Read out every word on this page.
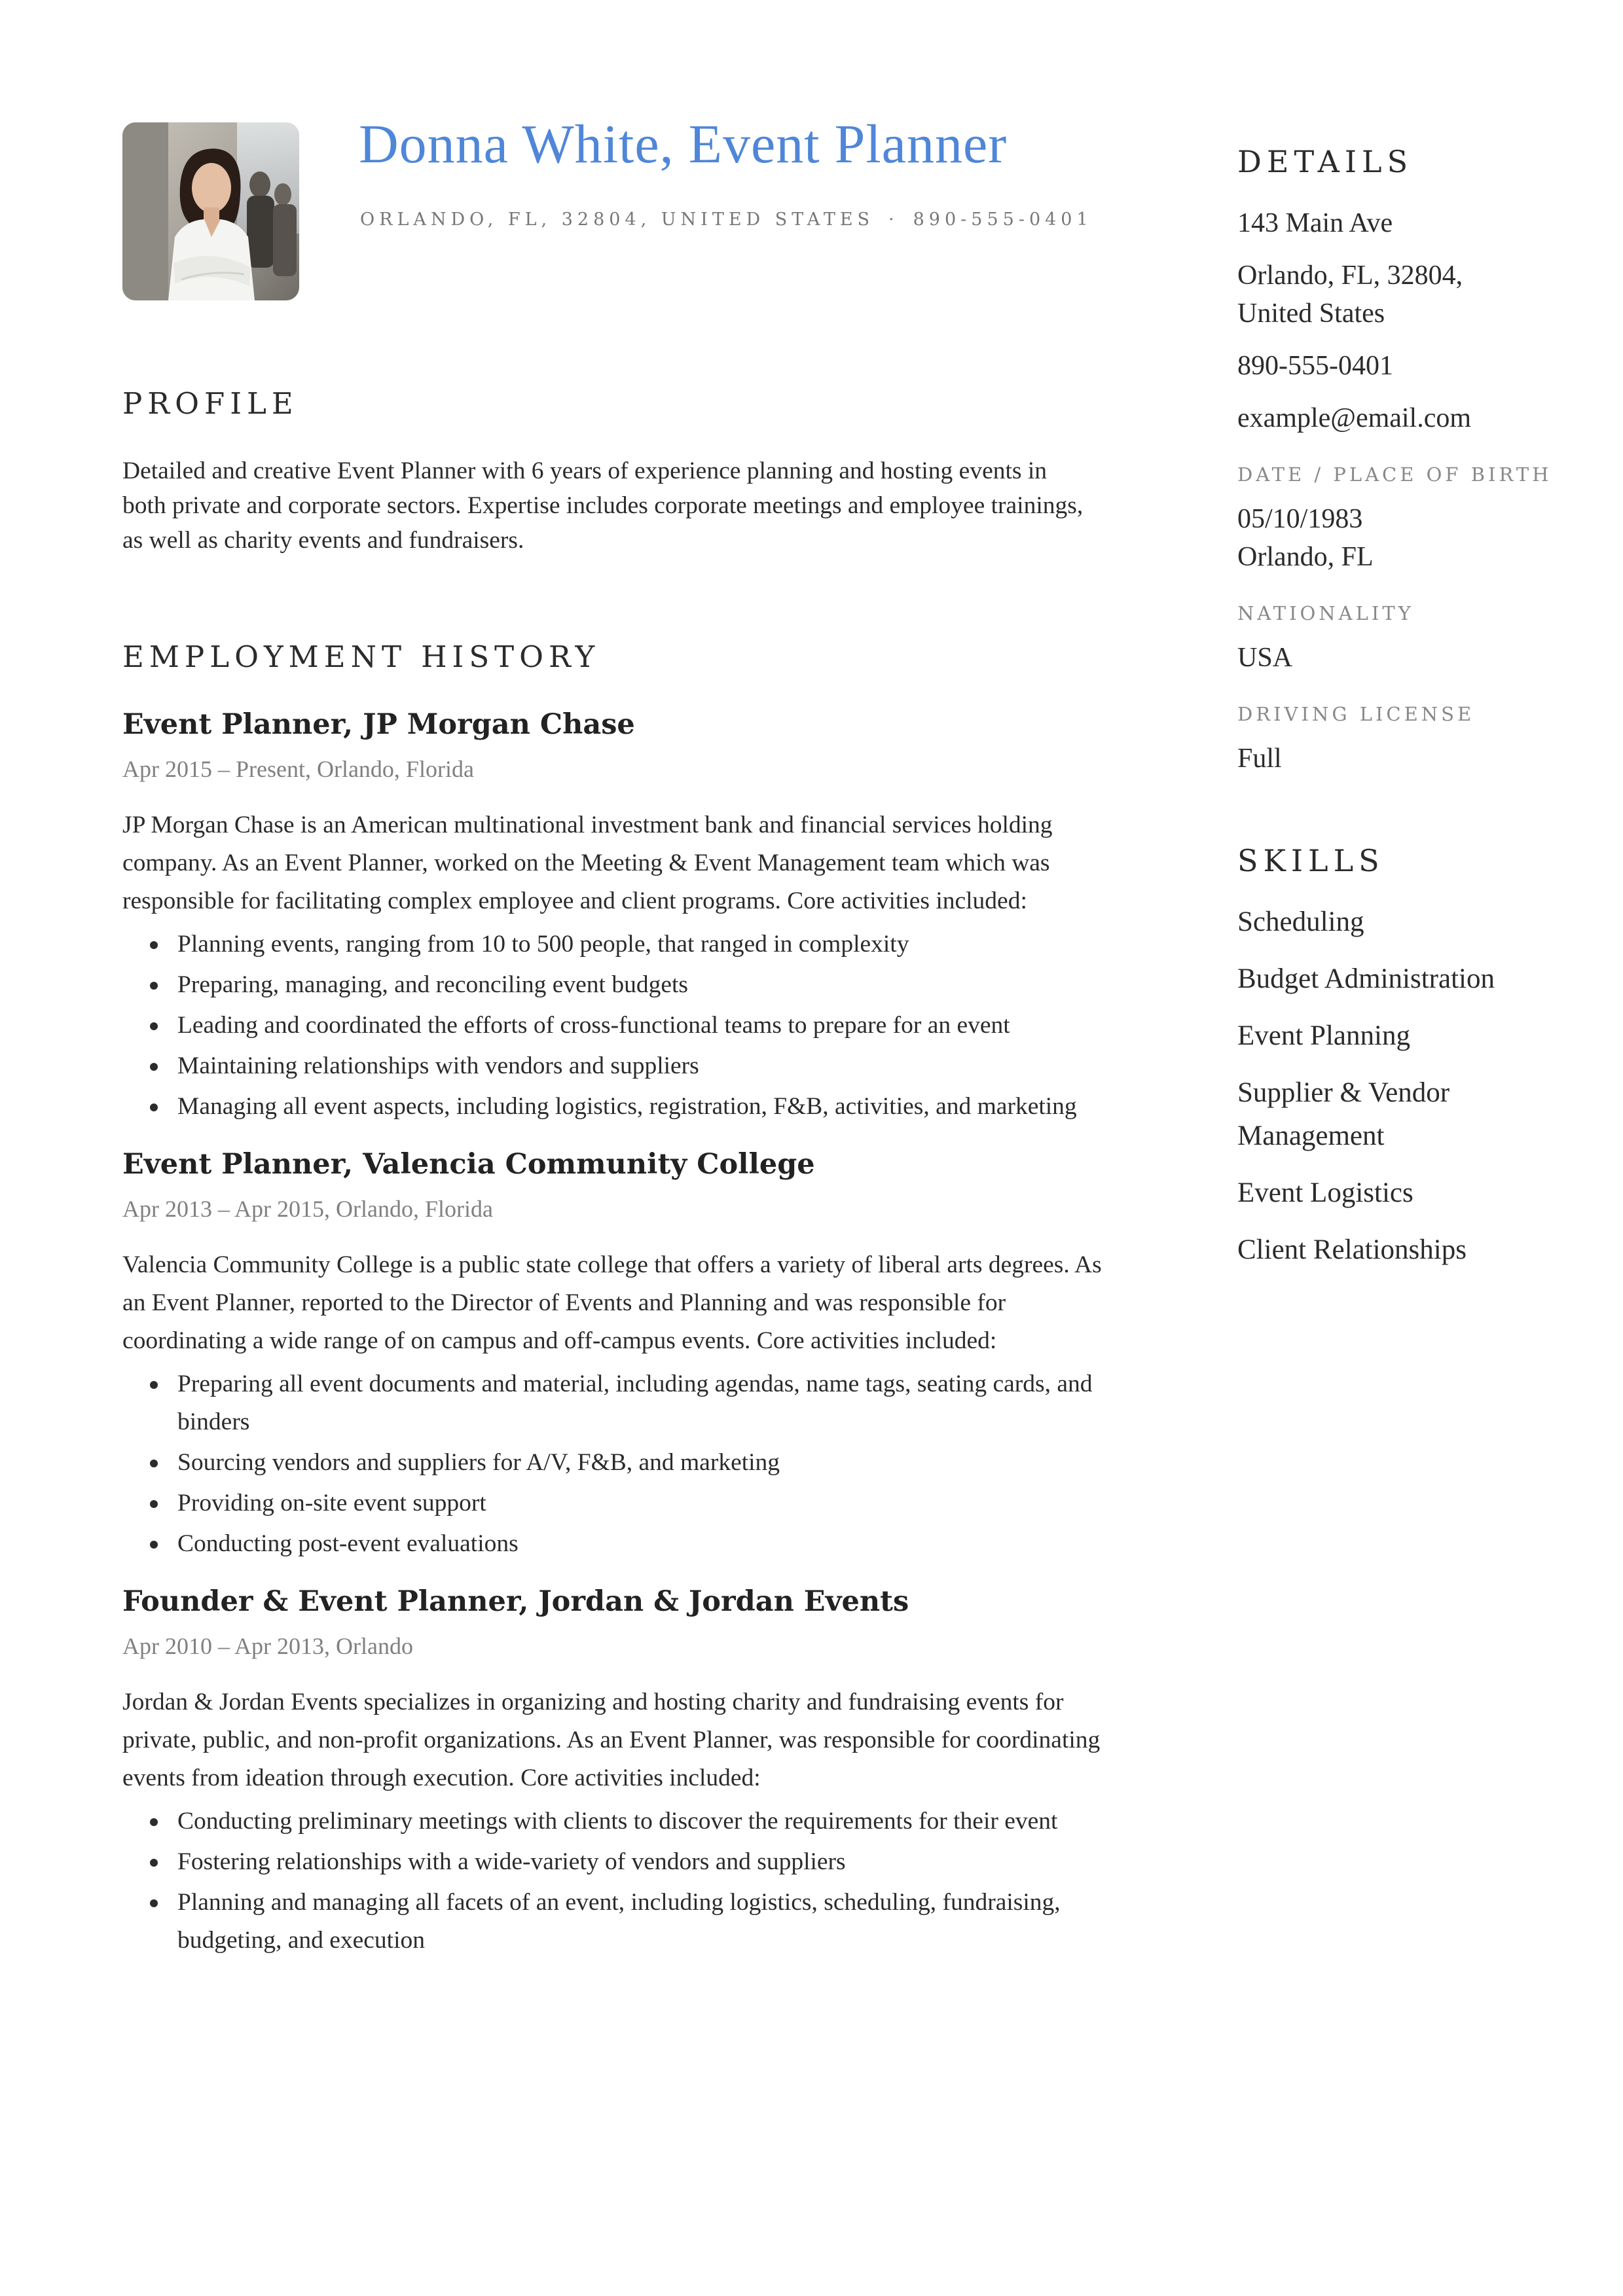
Donna White, Event Planner
ORLANDO, FL, 32804, UNITED STATES · 890-555-0401
PROFILE

Detailed and creative Event Planner with 6 years of experience planning and hosting events in both private and corporate sectors. Expertise includes corporate meetings and employee trainings, as well as charity events and fundraisers.

EMPLOYMENT HISTORY
Event Planner, JP Morgan Chase
Apr 2015 – Present, Orlando, Florida
JP Morgan Chase is an American multinational investment bank and financial services holding company. As an Event Planner, worked on the Meeting & Event Management team which was responsible for facilitating complex employee and client programs. Core activities included:
Planning events, ranging from 10 to 500 people, that ranged in complexity
Preparing, managing, and reconciling event budgets
Leading and coordinated the efforts of cross-functional teams to prepare for an event
Maintaining relationships with vendors and suppliers
Managing all event aspects, including logistics, registration, F&B, activities, and marketing
Event Planner, Valencia Community College
Apr 2013 – Apr 2015, Orlando, Florida
Valencia Community College is a public state college that offers a variety of liberal arts degrees. As an Event Planner, reported to the Director of Events and Planning and was responsible for coordinating a wide range of on campus and off-campus events. Core activities included:
Preparing all event documents and material, including agendas, name tags, seating cards, and binders
Sourcing vendors and suppliers for A/V, F&B, and marketing
Providing on-site event support
Conducting post-event evaluations
Founder & Event Planner, Jordan & Jordan Events
Apr 2010 – Apr 2013, Orlando
Jordan & Jordan Events specializes in organizing and hosting charity and fundraising events for private, public, and non-profit organizations. As an Event Planner, was responsible for coordinating events from ideation through execution. Core activities included:
Conducting preliminary meetings with clients to discover the requirements for their event
Fostering relationships with a wide-variety of vendors and suppliers
Planning and managing all facets of an event, including logistics, scheduling, fundraising, budgeting, and execution
DETAILS
143 Main Ave
Orlando, FL, 32804,
United States
890-555-0401
example@email.com
DATE / PLACE OF BIRTH
05/10/1983
Orlando, FL
NATIONALITY
USA
DRIVING LICENSE
Full
SKILLS
Scheduling
Budget Administration
Event Planning
Supplier & Vendor Management
Event Logistics
Client Relationships
